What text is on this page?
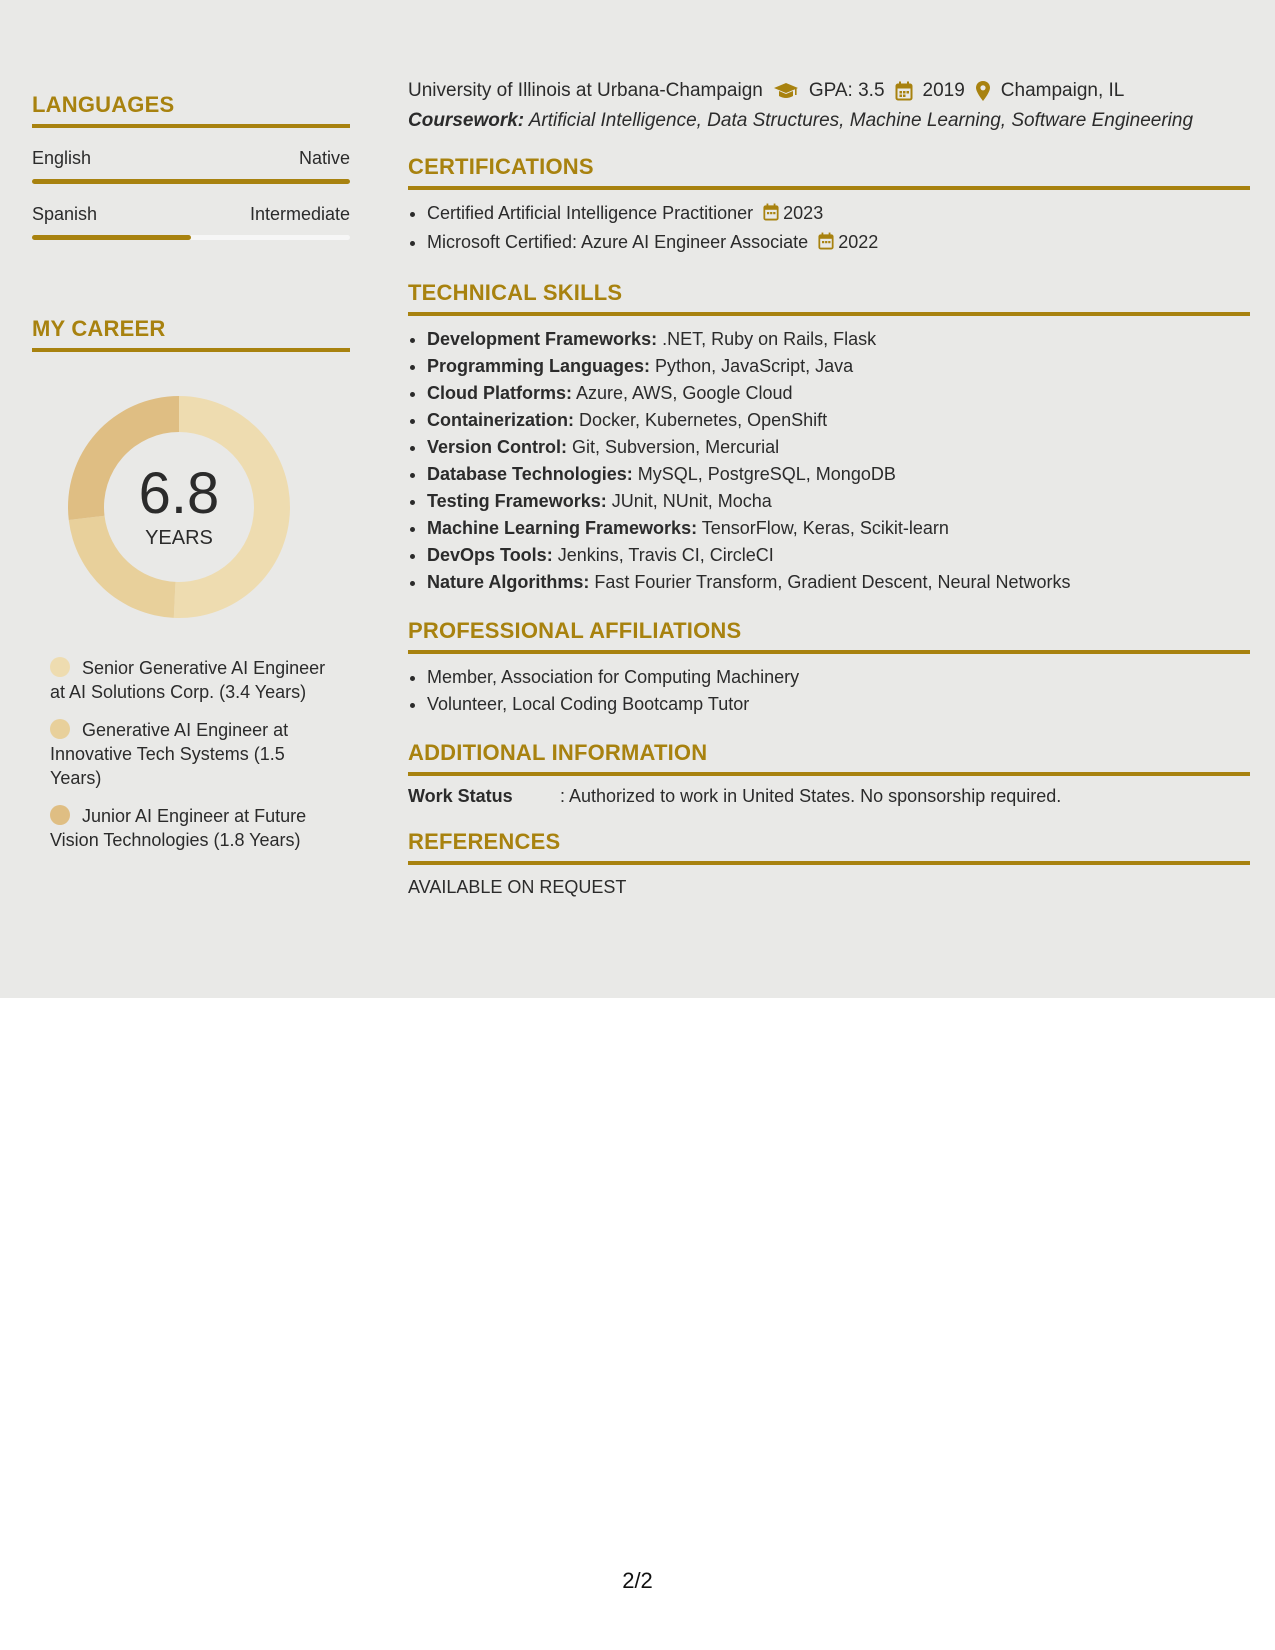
LANGUAGES
English	Native
Spanish	Intermediate
MY CAREER
6.8
YEARS
Senior Generative AI Engineer at AI Solutions Corp. (3.4 Years)
Generative AI Engineer at Innovative Tech Systems (1.5 Years)
Junior AI Engineer at Future Vision Technologies (1.8 Years)
University of Illinois at Urbana-Champaign GPA: 3.5 2019 Champaign, IL
Coursework: Artificial Intelligence, Data Structures, Machine Learning, Software Engineering
CERTIFICATIONS
• Certified Artificial Intelligence Practitioner 2023
• Microsoft Certified: Azure AI Engineer Associate 2022
TECHNICAL SKILLS
• Development Frameworks: .NET, Ruby on Rails, Flask
• Programming Languages: Python, JavaScript, Java
• Cloud Platforms: Azure, AWS, Google Cloud
• Containerization: Docker, Kubernetes, OpenShift
• Version Control: Git, Subversion, Mercurial
• Database Technologies: MySQL, PostgreSQL, MongoDB
• Testing Frameworks: JUnit, NUnit, Mocha
• Machine Learning Frameworks: TensorFlow, Keras, Scikit-learn
• DevOps Tools: Jenkins, Travis CI, CircleCI
• Nature Algorithms: Fast Fourier Transform, Gradient Descent, Neural Networks
PROFESSIONAL AFFILIATIONS
• Member, Association for Computing Machinery
• Volunteer, Local Coding Bootcamp Tutor
ADDITIONAL INFORMATION
Work Status	: Authorized to work in United States. No sponsorship required.
REFERENCES
AVAILABLE ON REQUEST
2/2
